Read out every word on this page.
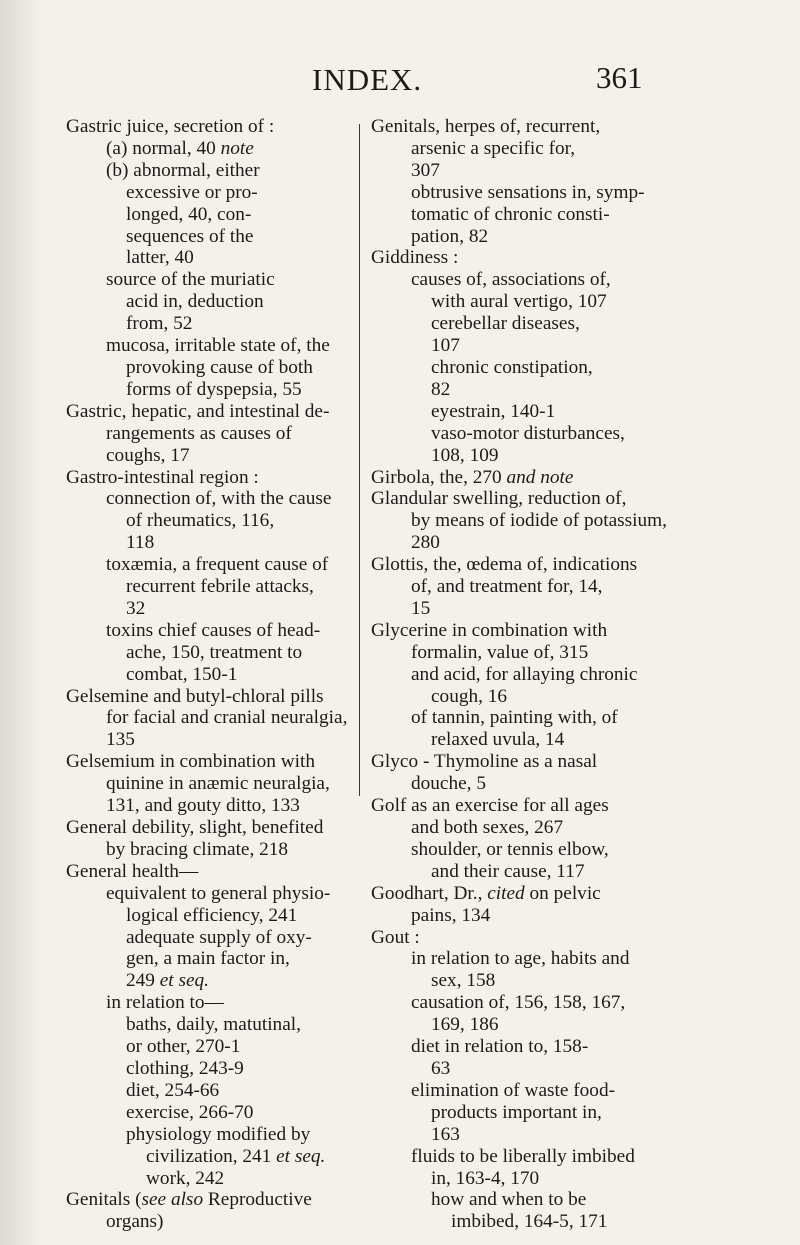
INDEX.	361
Gastric juice, secretion of :
(a) normal, 40 note
(b) abnormal, either
excessive or pro-
longed, 40, con-
sequences of the
latter, 40
source of the muriatic
acid in, deduction
from, 52
mucosa, irritable state of, the
provoking cause of both
forms of dyspepsia, 55
Gastric, hepatic, and intestinal de-
rangements as causes of
coughs, 17
Gastro-intestinal region :
connection of, with the cause
of rheumatics, 116,
118
toxæmia, a frequent cause of
recurrent febrile attacks,
32
toxins chief causes of head-
ache, 150, treatment to
combat, 150-1
Gelsemine and butyl-chloral pills
for facial and cranial neuralgia,
135
Gelsemium in combination with
quinine in anæmic neuralgia,
131, and gouty ditto, 133
General debility, slight, benefited
by bracing climate, 218
General health—
equivalent to general physio-
logical efficiency, 241
adequate supply of oxy-
gen, a main factor in,
249 et seq.
in relation to—
baths, daily, matutinal,
or other, 270-1
clothing, 243-9
diet, 254-66
exercise, 266-70
physiology modified by
civilization, 241 et seq.
work, 242
Genitals (see also Reproductive
organs)
Genitals, herpes of, recurrent,
arsenic a specific for,
307
obtrusive sensations in, symp-
tomatic of chronic consti-
pation, 82
Giddiness :
causes of, associations of,
with aural vertigo, 107
cerebellar diseases,
107
chronic constipation,
82
eyestrain, 140-1
vaso-motor disturbances,
108, 109
Girbola, the, 270 and note
Glandular swelling, reduction of,
by means of iodide of potassium,
280
Glottis, the, œdema of, indications
of, and treatment for, 14,
15
Glycerine in combination with
formalin, value of, 315
and acid, for allaying chronic
cough, 16
of tannin, painting with, of
relaxed uvula, 14
Glyco - Thymoline as a nasal
douche, 5
Golf as an exercise for all ages
and both sexes, 267
shoulder, or tennis elbow,
and their cause, 117
Goodhart, Dr., cited on pelvic
pains, 134
Gout :
in relation to age, habits and
sex, 158
causation of, 156, 158, 167,
169, 186
diet in relation to, 158-
63
elimination of waste food-
products important in,
163
fluids to be liberally imbibed
in, 163-4, 170
how and when to be
imbibed, 164-5, 171
